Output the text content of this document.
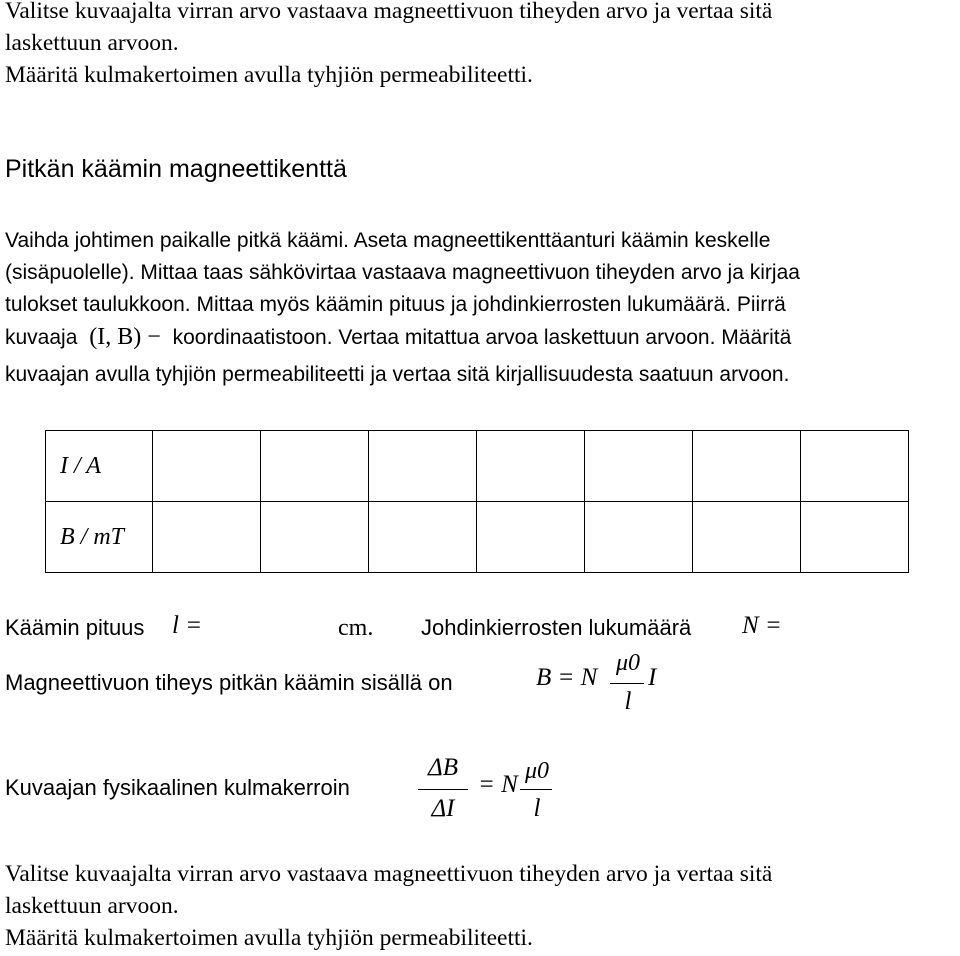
Valitse kuvaajalta virran arvo vastaava magneettivuon tiheyden arvo ja vertaa sitä

laskettuun arvoon.

Määritä kulmakertoimen avulla tyhjiön permeabiliteetti.

Pitkän käämin magneettikenttä

Vaihda johtimen paikalle pitkä käämi. Aseta magneettikenttäanturi käämin keskelle

(sisäpuolelle). Mittaa taas sähkövirtaa vastaava magneettivuon tiheyden arvo ja kirjaa

tulokset taulukkoon. Mittaa myös käämin pituus ja johdinkierrosten lukumäärä. Piirrä

kuvaaja (I, B) − koordinaatistoon. Vertaa mitattua arvoa laskettuun arvoon. Määritä

kuvaajan avulla tyhjiön permeabiliteetti ja vertaa sitä kirjallisuudesta saatuun arvoon.

I / A							
B / mT							
Käämin pituus l =	cm. Johdinkierrosten lukumäärä N =
Magneettivuon tiheys pitkän käämin sisällä on	B = N
μ0
l
I
Kuvaajan fysikaalinen kulmakerroin
ΔB
ΔI
= N μ0
l

Valitse kuvaajalta virran arvo vastaava magneettivuon tiheyden arvo ja vertaa sitä

laskettuun arvoon.

Määritä kulmakertoimen avulla tyhjiön permeabiliteetti.
